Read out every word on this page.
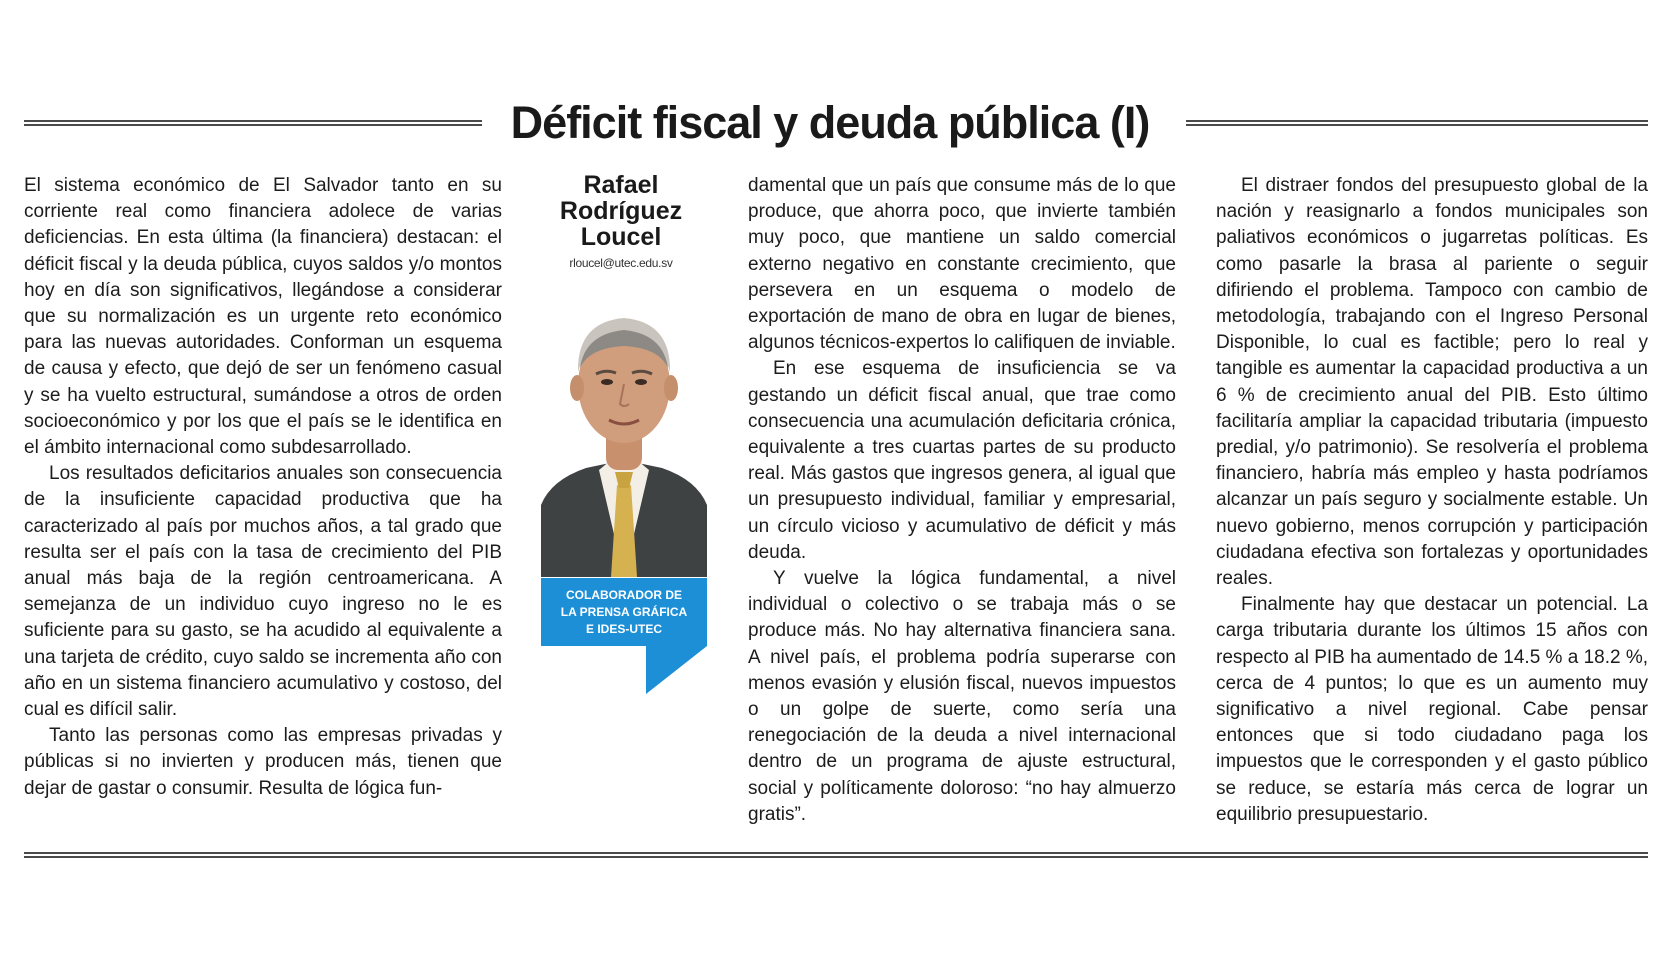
Déficit fiscal y deuda pública (I)

El sistema económico de El Salvador tanto en su corriente real como financiera adolece de varias deficiencias. En esta última (la financiera) destacan: el déficit fiscal y la deuda pública, cuyos saldos y/o montos hoy en día son significativos, llegándose a considerar que su normalización es un urgente reto económico para las nuevas autoridades. Conforman un esquema de causa y efecto, que dejó de ser un fenómeno casual y se ha vuelto estructural, sumándose a otros de orden socioeconómico y por los que el país se le identifica en el ámbito internacional como subdesarrollado.

Los resultados deficitarios anuales son consecuencia de la insuficiente capacidad productiva que ha caracterizado al país por muchos años, a tal grado que resulta ser el país con la tasa de crecimiento del PIB anual más baja de la región centroamericana. A semejanza de un individuo cuyo ingreso no le es suficiente para su gasto, se ha acudido al equivalente a una tarjeta de crédito, cuyo saldo se incrementa año con año en un sistema financiero acumulativo y costoso, del cual es difícil salir.

Tanto las personas como las empresas privadas y públicas si no invierten y producen más, tienen que dejar de gastar o consumir. Resulta de lógica fun-

Rafael
Rodríguez
Loucel
rloucel@utec.edu.sv
COLABORADOR DE
LA PRENSA GRÁFICA
E IDES-UTEC

damental que un país que consume más de lo que produce, que ahorra poco, que invierte también muy poco, que mantiene un saldo comercial externo negativo en constante crecimiento, que persevera en un esquema o modelo de exportación de mano de obra en lugar de bienes, algunos técnicos-expertos lo califiquen de inviable.

En ese esquema de insuficiencia se va gestando un déficit fiscal anual, que trae como consecuencia una acumulación deficitaria crónica, equivalente a tres cuartas partes de su producto real. Más gastos que ingresos genera, al igual que un presupuesto individual, familiar y empresarial, un círculo vicioso y acumulativo de déficit y más deuda.

Y vuelve la lógica fundamental, a nivel individual o colectivo o se trabaja más o se produce más. No hay alternativa financiera sana. A nivel país, el problema podría superarse con menos evasión y elusión fiscal, nuevos impuestos o un golpe de suerte, como sería una renegociación de la deuda a nivel internacional dentro de un programa de ajuste estructural, social y políticamente doloroso: “no hay almuerzo gratis”.

El distraer fondos del presupuesto global de la nación y reasignarlo a fondos municipales son paliativos económicos o jugarretas políticas. Es como pasarle la brasa al pariente o seguir difiriendo el problema. Tampoco con cambio de metodología, trabajando con el Ingreso Personal Disponible, lo cual es factible; pero lo real y tangible es aumentar la capacidad productiva a un 6 % de crecimiento anual del PIB. Esto último facilitaría ampliar la capacidad tributaria (impuesto predial, y/o patrimonio). Se resolvería el problema financiero, habría más empleo y hasta podríamos alcanzar un país seguro y socialmente estable. Un nuevo gobierno, menos corrupción y participación ciudadana efectiva son fortalezas y oportunidades reales.

Finalmente hay que destacar un potencial. La carga tributaria durante los últimos 15 años con respecto al PIB ha aumentado de 14.5 % a 18.2 %, cerca de 4 puntos; lo que es un aumento muy significativo a nivel regional. Cabe pensar entonces que si todo ciudadano paga los impuestos que le corresponden y el gasto público se reduce, se estaría más cerca de lograr un equilibrio presupuestario.
